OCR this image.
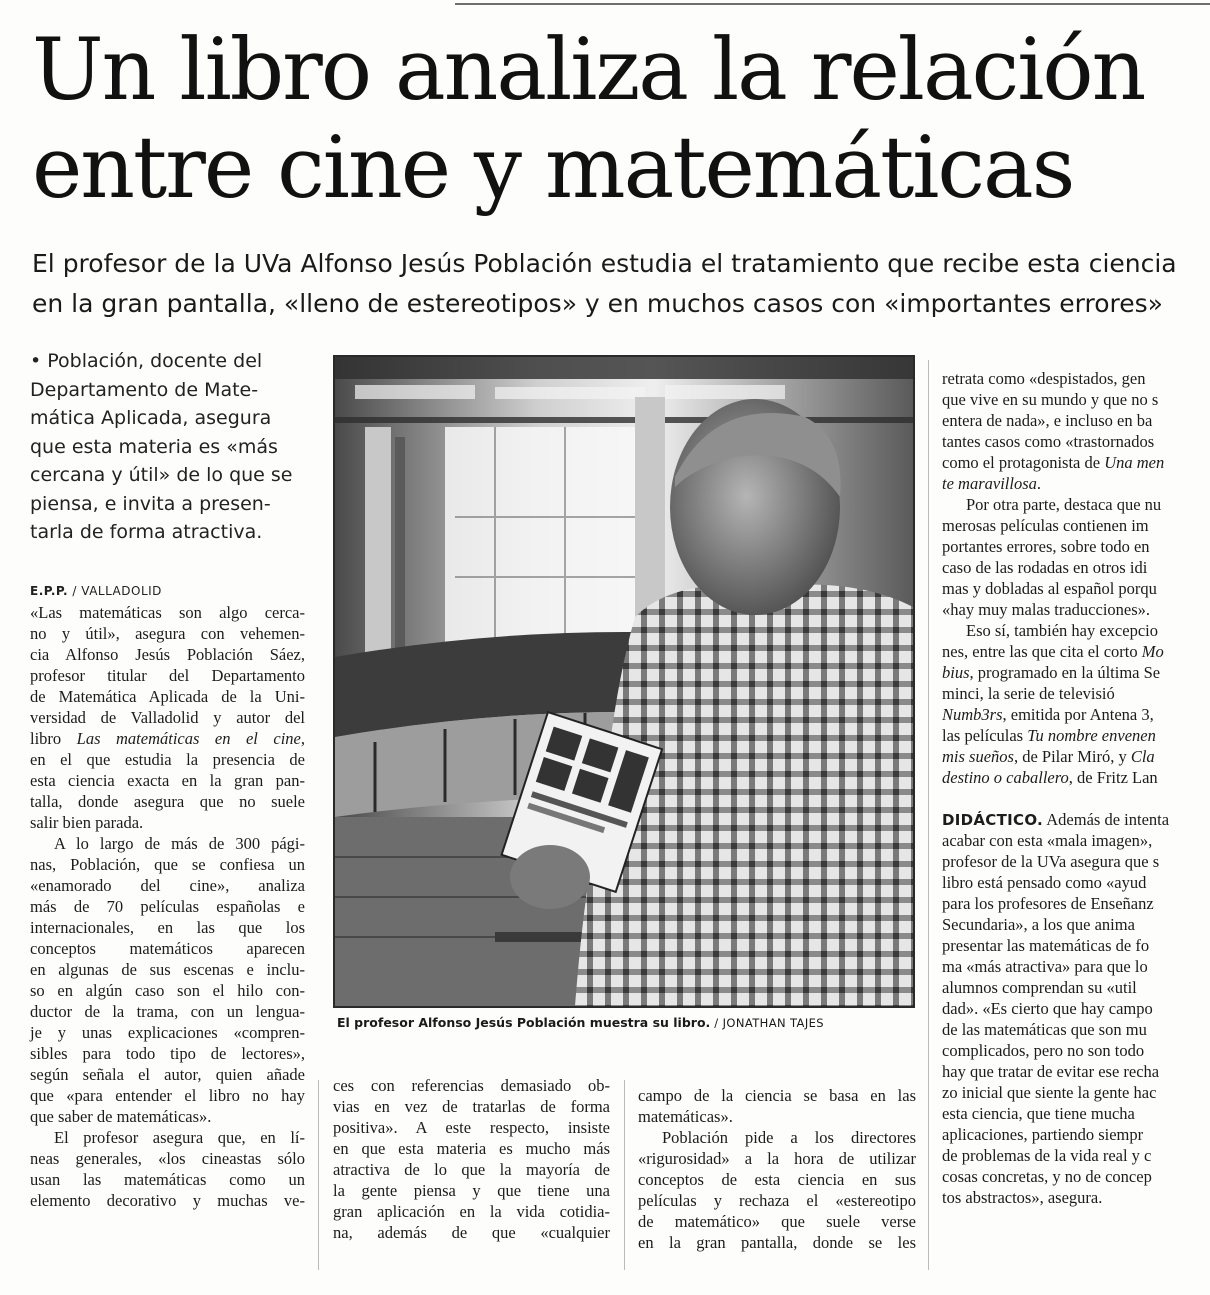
Un libro analiza la relación
entre cine y matemáticas
El profesor de la UVa Alfonso Jesús Población estudia el tratamiento que recibe esta ciencia
en la gran pantalla, «lleno de estereotipos» y en muchos casos con «importantes errores»

• Población, docente del
Departamento de Mate-
mática Aplicada, asegura
que esta materia es «más
cercana y útil» de lo que se
piensa, e invita a presen-
tarla de forma atractiva.

E.P.P. / VALLADOLID

«Las matemáticas son algo cerca-
no y útil», asegura con vehemen-
cia Alfonso Jesús Población Sáez,
profesor titular del Departamento
de Matemática Aplicada de la Uni-
versidad de Valladolid y autor del
libro Las matemáticas en el cine,
en el que estudia la presencia de
esta ciencia exacta en la gran pan-
talla, donde asegura que no suele
salir bien parada.
A lo largo de más de 300 pági-
nas, Población, que se confiesa un
«enamorado del cine», analiza
más de 70 películas españolas e
internacionales, en las que los
conceptos matemáticos aparecen
en algunas de sus escenas e inclu-
so en algún caso son el hilo con-
ductor de la trama, con un lengua-
je y unas explicaciones «compren-
sibles para todo tipo de lectores»,
según señala el autor, quien añade
que «para entender el libro no hay
que saber de matemáticas».
El profesor asegura que, en lí-
neas generales, «los cineastas sólo
usan las matemáticas como un
elemento decorativo y muchas ve-

El profesor Alfonso Jesús Población muestra su libro. / JONATHAN TAJES

ces con referencias demasiado ob-
vias en vez de tratarlas de forma
positiva». A este respecto, insiste
en que esta materia es mucho más
atractiva de lo que la mayoría de
la gente piensa y que tiene una
gran aplicación en la vida cotidia-
na, además de que «cualquier
campo de la ciencia se basa en las
matemáticas».
Población pide a los directores
«rigurosidad» a la hora de utilizar
conceptos de esta ciencia en sus
películas y rechaza el «estereotipo
de matemático» que suele verse
en la gran pantalla, donde se les
retrata como «despistados, gen
que vive en su mundo y que no s
entera de nada», e incluso en ba
tantes casos como «trastornados
como el protagonista de Una men
te maravillosa.
Por otra parte, destaca que nu
merosas películas contienen im
portantes errores, sobre todo en
caso de las rodadas en otros idi
mas y dobladas al español porqu
«hay muy malas traducciones».
Eso sí, también hay excepcio
nes, entre las que cita el corto Mo
bius, programado en la última Se
minci, la serie de televisió
Numb3rs, emitida por Antena 3,
las películas Tu nombre envenen
mis sueños, de Pilar Miró, y Cla
destino o caballero, de Fritz Lan
DIDÁCTICO. Además de intenta
acabar con esta «mala imagen»,
profesor de la UVa asegura que s
libro está pensado como «ayud
para los profesores de Enseñanz
Secundaria», a los que anima
presentar las matemáticas de fo
ma «más atractiva» para que lo
alumnos comprendan su «util
dad». «Es cierto que hay campo
de las matemáticas que son mu
complicados, pero no son todo
hay que tratar de evitar ese recha
zo inicial que siente la gente hac
esta ciencia, que tiene mucha
aplicaciones, partiendo siempr
de problemas de la vida real y c
cosas concretas, y no de concep
tos abstractos», asegura.
